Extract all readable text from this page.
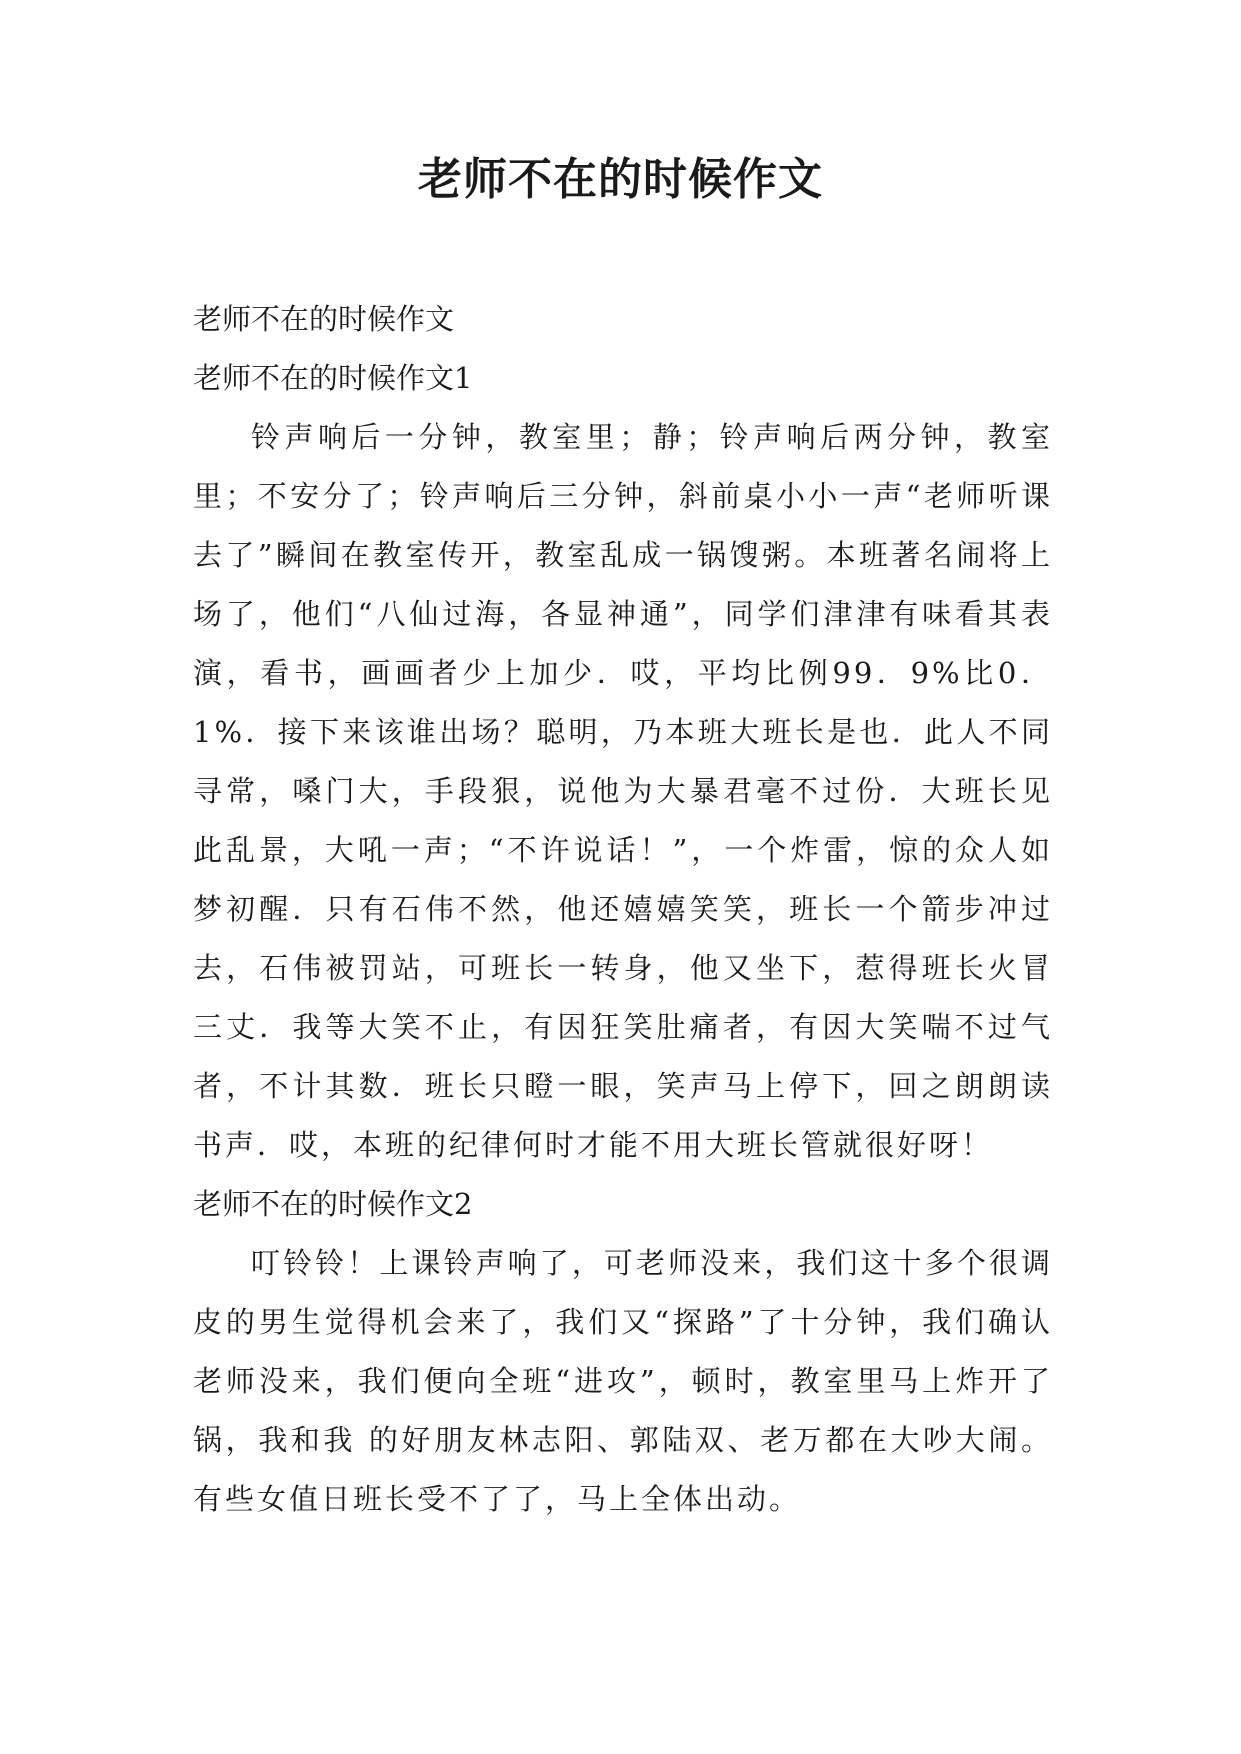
老师不在的时候作文

老师不在的时候作文

老师不在的时候作文1

铃声响后一分钟，教室里；静；铃声响后两分钟，教室里；不安分了；铃声响后三分钟，斜前桌小小一声“老师听课去了”瞬间在教室传开，教室乱成一锅馊粥。本班著名闹将上场了，他们“八仙过海，各显神通”，同学们津津有味看其表演，看书，画画者少上加少．哎，平均比例99．9%比0．1%．接下来该谁出场？聪明，乃本班大班长是也．此人不同寻常，嗓门大，手段狠，说他为大暴君毫不过份．大班长见此乱景，大吼一声；“不许说话！”，一个炸雷，惊的众人如梦初醒．只有石伟不然，他还嬉嬉笑笑，班长一个箭步冲过去，石伟被罚站，可班长一转身，他又坐下，惹得班长火冒三丈．我等大笑不止，有因狂笑肚痛者，有因大笑喘不过气者，不计其数．班长只瞪一眼，笑声马上停下，回之朗朗读书声．哎，本班的纪律何时才能不用大班长管就很好呀！

老师不在的时候作文2

叮铃铃！上课铃声响了，可老师没来，我们这十多个很调皮的男生觉得机会来了，我们又“探路”了十分钟，我们确认老师没来，我们便向全班“进攻”，顿时，教室里马上炸开了锅，我和我 的好朋友林志阳、郭陆双、老万都在大吵大闹。有些女值日班长受不了了，马上全体出动。
